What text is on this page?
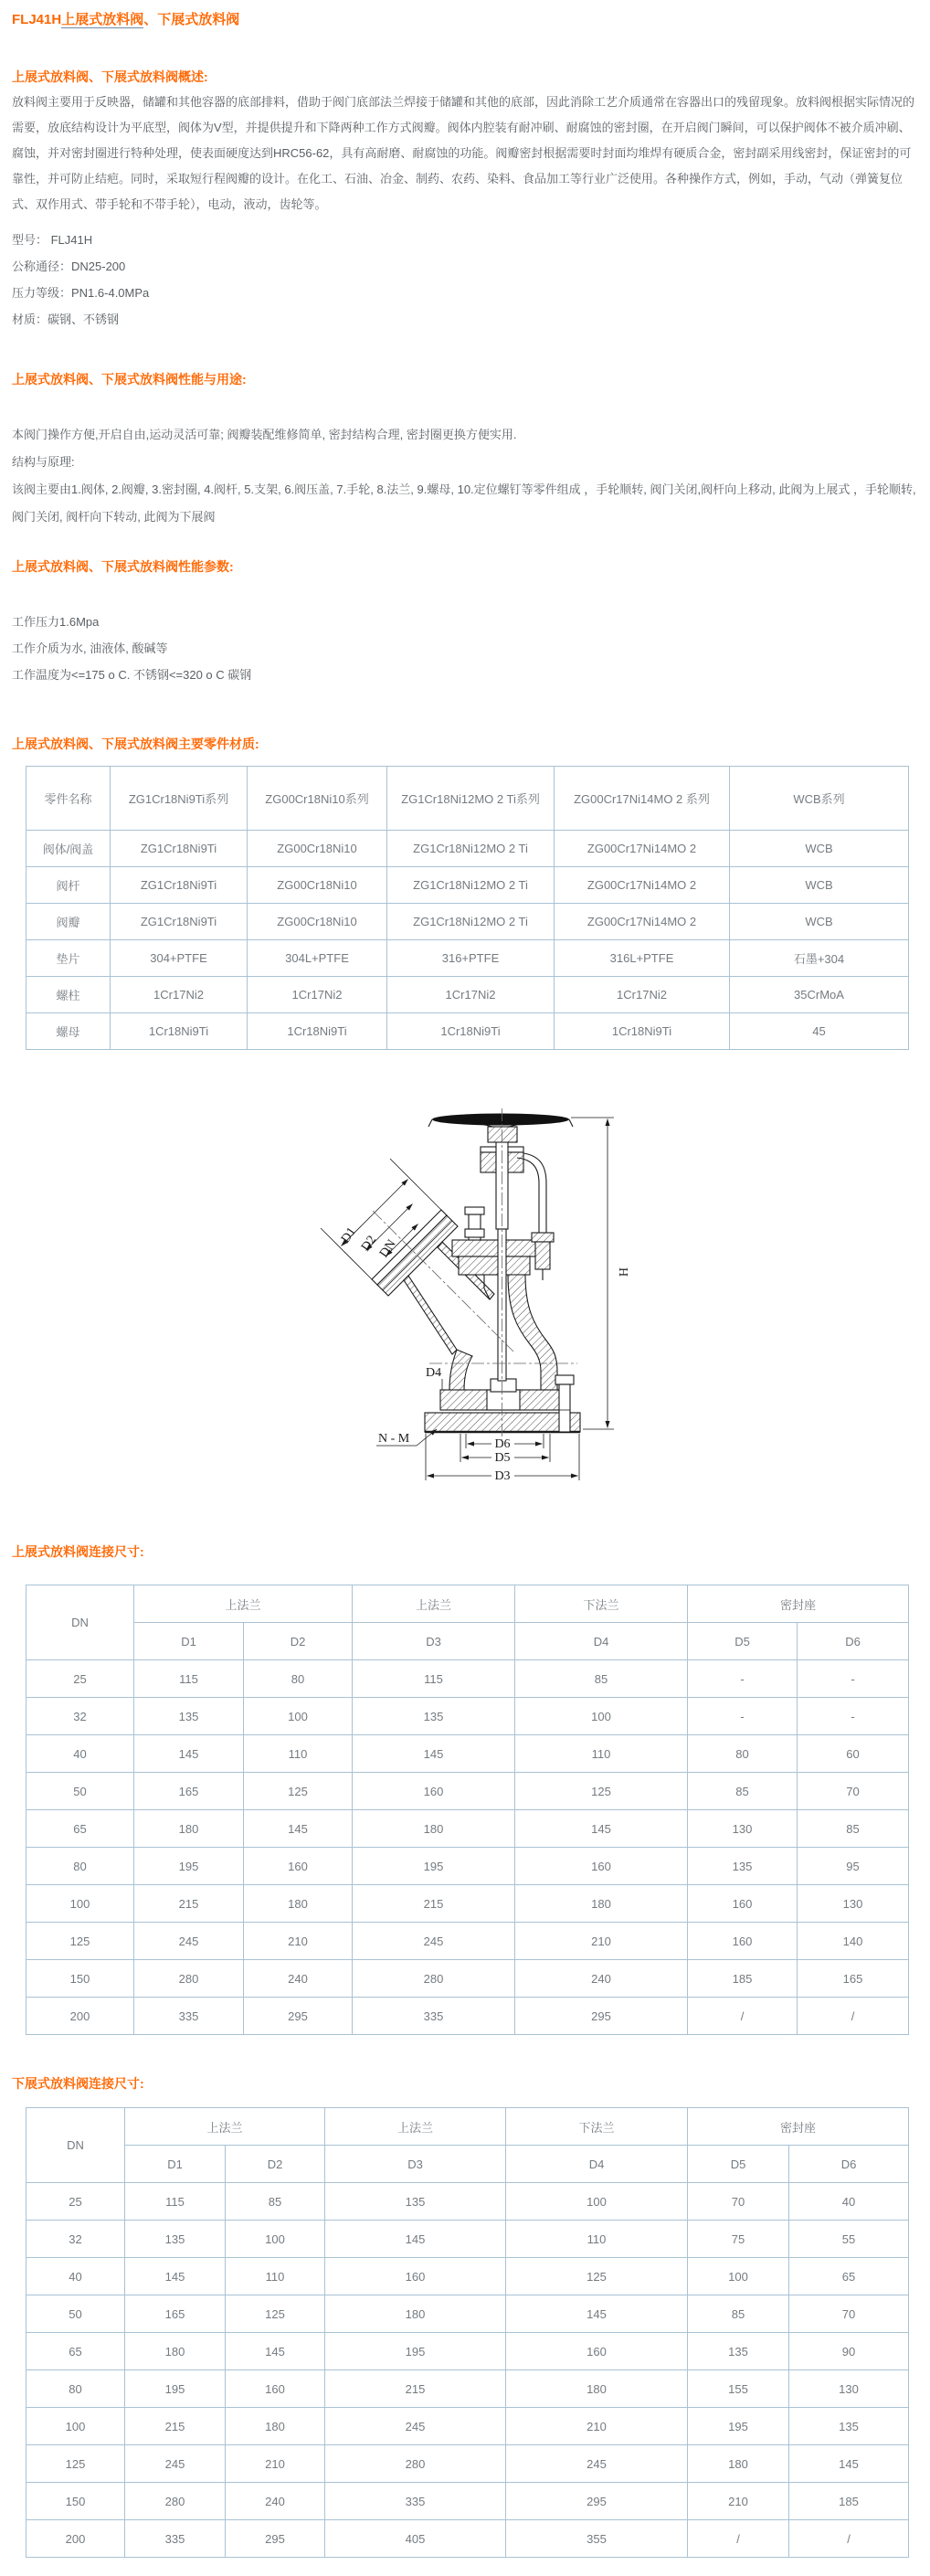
FLJ41H上展式放料阀、下展式放料阀
上展式放料阀、下展式放料阀概述:
放料阀主要用于反映器，储罐和其他容器的底部排料，借助于阀门底部法兰焊接于储罐和其他的底部，因此消除工艺介质通常在容器出口的残留现象。放料阀根据实际情况的需要，放底结构设计为平底型，阀体为V型，并提供提升和下降两种工作方式阀瓣。阀体内腔装有耐冲刷、耐腐蚀的密封圈，在开启阀门瞬间，可以保护阀体不被介质冲刷、腐蚀，并对密封圈进行特种处理，使表面硬度达到HRC56-62，具有高耐磨、耐腐蚀的功能。阀瓣密封根据需要时封面均堆焊有硬质合金，密封副采用线密封，保证密封的可靠性，并可防止结疤。同时，采取短行程阀瓣的设计。在化工、石油、冶金、制药、农药、染料、食品加工等行业广泛使用。各种操作方式，例如，手动，气动（弹簧复位式、双作用式、带手轮和不带手轮），电动，液动，齿轮等。

型号： FLJ41H

公称通径：DN25-200

压力等级：PN1.6-4.0MPa

材质：碳钢、不锈钢

上展式放料阀、下展式放料阀性能与用途:

本阀门操作方便,开启自由,运动灵活可靠; 阀瓣装配维修简单, 密封结构合理, 密封圈更换方便实用.

结构与原理:

该阀主要由1.阀体, 2.阀瓣, 3.密封圈, 4.阀杆, 5.支架, 6.阀压盖, 7.手轮, 8.法兰, 9.螺母, 10.定位螺钉等零件组成 ，手轮顺转, 阀门关闭,阀杆向上移动, 此阀为上展式 ，手轮顺转, 阀门关闭, 阀杆向下转动, 此阀为下展阀

上展式放料阀、下展式放料阀性能参数:

工作压力1.6Mpa

工作介质为水, 油液体, 酸碱等

工作温度为<=175 o C. 不锈钢<=320 o C 碳钢

上展式放料阀、下展式放料阀主要零件材质:
零件名称	ZG1Cr18Ni9Ti系列	ZG00Cr18Ni10系列	ZG1Cr18Ni12MO 2 Ti系列	ZG00Cr17Ni14MO 2 系列	WCB系列
阀体/阀盖	ZG1Cr18Ni9Ti	ZG00Cr18Ni10	ZG1Cr18Ni12MO 2 Ti	ZG00Cr17Ni14MO 2	WCB
阀杆	ZG1Cr18Ni9Ti	ZG00Cr18Ni10	ZG1Cr18Ni12MO 2 Ti	ZG00Cr17Ni14MO 2	WCB
阀瓣	ZG1Cr18Ni9Ti	ZG00Cr18Ni10	ZG1Cr18Ni12MO 2 Ti	ZG00Cr17Ni14MO 2	WCB
垫片	304+PTFE	304L+PTFE	316+PTFE	316L+PTFE	石墨+304
螺柱	1Cr17Ni2	1Cr17Ni2	1Cr17Ni2	1Cr17Ni2	35CrMoA
螺母	1Cr18Ni9Ti	1Cr18Ni9Ti	1Cr18Ni9Ti	1Cr18Ni9Ti	45
H
D1 D2
DN
D6
D5
D3
N - M
D4
上展式放料阀连接尺寸:
DN	上法兰		上法兰	下法兰	密封座	
	D1	D2	D3	D4	D5	D6
25	115	80	115	85	-	-
32	135	100	135	100	-	-
40	145	110	145	110	80	60
50	165	125	160	125	85	70
65	180	145	180	145	130	85
80	195	160	195	160	135	95
100	215	180	215	180	160	130
125	245	210	245	210	160	140
150	280	240	280	240	185	165
200	335	295	335	295	/	/
下展式放料阀连接尺寸:
DN	上法兰		上法兰	下法兰	密封座	
	D1	D2	D3	D4	D5	D6
25	115	85	135	100	70	40
32	135	100	145	110	75	55
40	145	110	160	125	100	65
50	165	125	180	145	85	70
65	180	145	195	160	135	90
80	195	160	215	180	155	130
100	215	180	245	210	195	135
125	245	210	280	245	180	145
150	280	240	335	295	210	185
200	335	295	405	355	/	/
